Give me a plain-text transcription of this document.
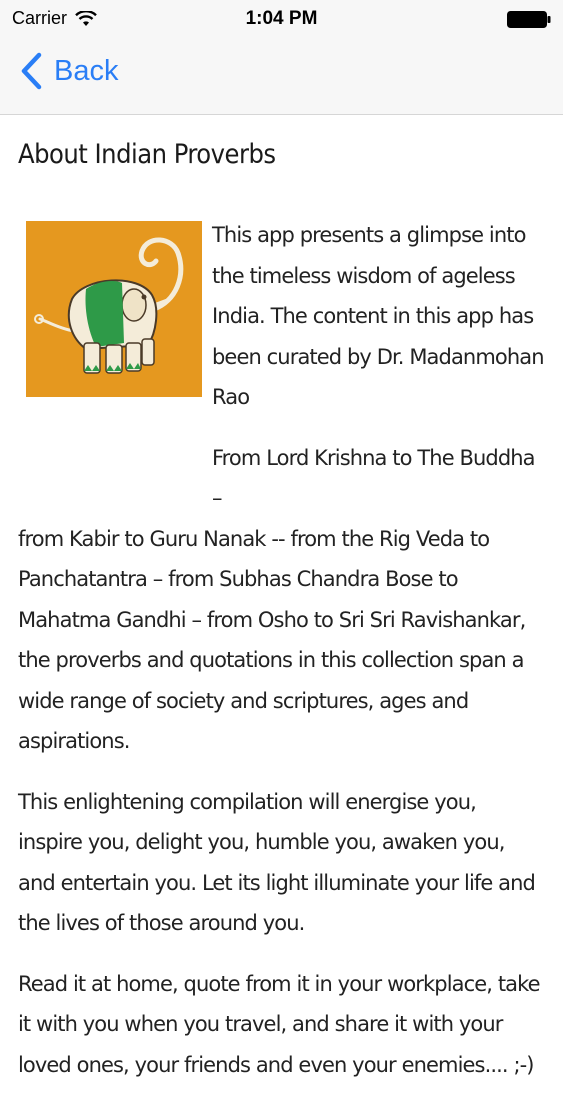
Carrier	1:04 PM
Back
About Indian Proverbs

This app presents a glimpse into the timeless wisdom of ageless India. The content in this app has been curated by Dr. Madanmohan Rao

From Lord Krishna to The Buddha –
from Kabir to Guru Nanak -- from the Rig Veda to Panchatantra – from Subhas Chandra Bose to Mahatma Gandhi – from Osho to Sri Sri Ravishankar, the proverbs and quotations in this collection span a wide range of society and scriptures, ages and aspirations.

This enlightening compilation will energise you, inspire you, delight you, humble you, awaken you, and entertain you. Let its light illuminate your life and the lives of those around you.

Read it at home, quote from it in your workplace, take it with you when you travel, and share it with your loved ones, your friends and even your enemies.... ;-)
